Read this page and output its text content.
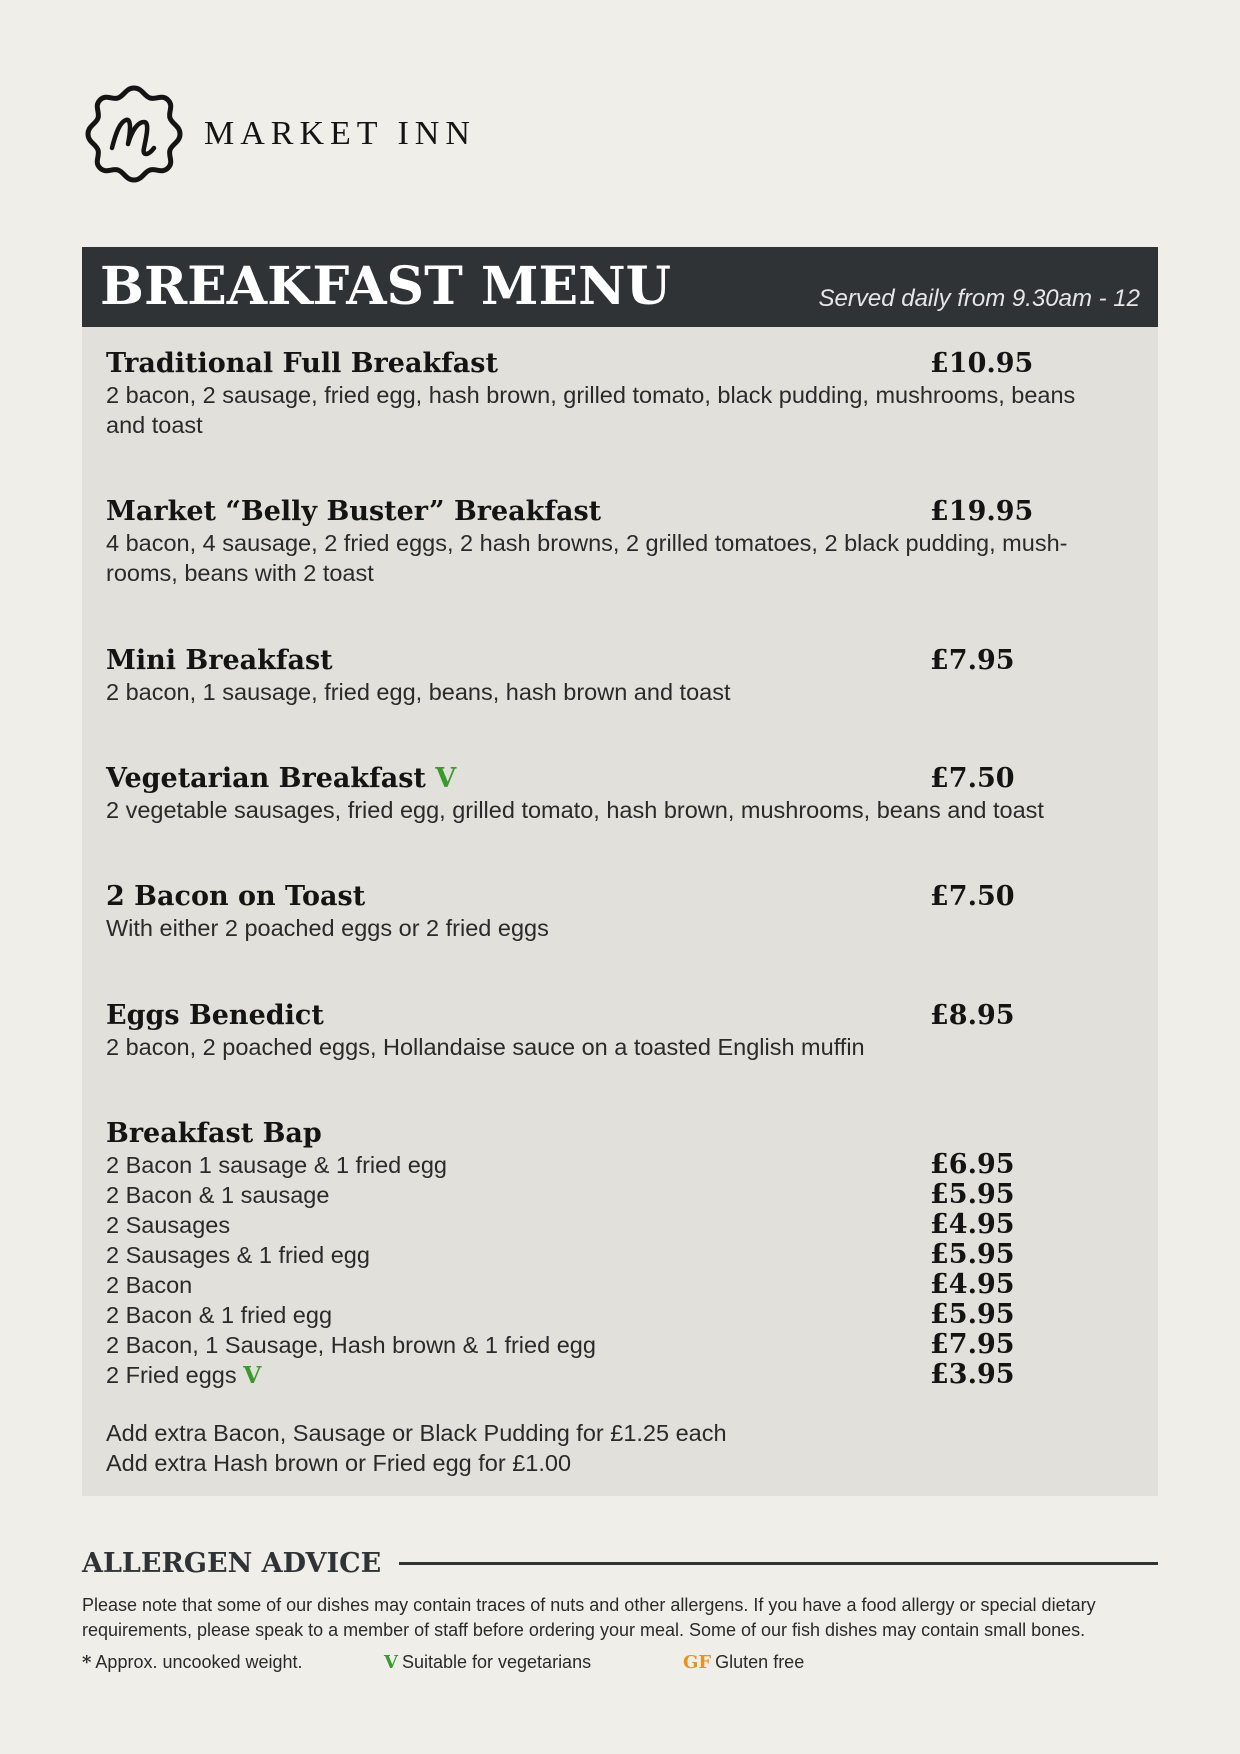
MARKET INN
BREAKFAST MENU	Served daily from 9.30am - 12
Traditional Full Breakfast	£10.95
2 bacon, 2 sausage, fried egg, hash brown, grilled tomato, black pudding, mushrooms, beans and toast
Market “Belly Buster” Breakfast	£19.95
4 bacon, 4 sausage, 2 fried eggs, 2 hash browns, 2 grilled tomatoes, 2 black pudding, mush-rooms, beans with 2 toast
Mini Breakfast	£7.95
2 bacon, 1 sausage, fried egg, beans, hash brown and toast
Vegetarian Breakfast V	£7.50
2 vegetable sausages, fried egg, grilled tomato, hash brown, mushrooms, beans and toast
2 Bacon on Toast	£7.50
With either 2 poached eggs or 2 fried eggs
Eggs Benedict	£8.95
2 bacon, 2 poached eggs, Hollandaise sauce on a toasted English muffin
Breakfast Bap
2 Bacon 1 sausage & 1 fried egg	£6.95
2 Bacon & 1 sausage	£5.95
2 Sausages	£4.95
2 Sausages & 1 fried egg	£5.95
2 Bacon	£4.95
2 Bacon & 1 fried egg	£5.95
2 Bacon, 1 Sausage, Hash brown & 1 fried egg	£7.95
2 Fried eggs V	£3.95
Add extra Bacon, Sausage or Black Pudding for £1.25 each
Add extra Hash brown or Fried egg for £1.00
ALLERGEN ADVICE
Please note that some of our dishes may contain traces of nuts and other allergens. If you have a food allergy or special dietary
requirements, please speak to a member of staff before ordering your meal. Some of our fish dishes may contain small bones.
* Approx. uncooked weight.	V Suitable for vegetarians	GF Gluten free
